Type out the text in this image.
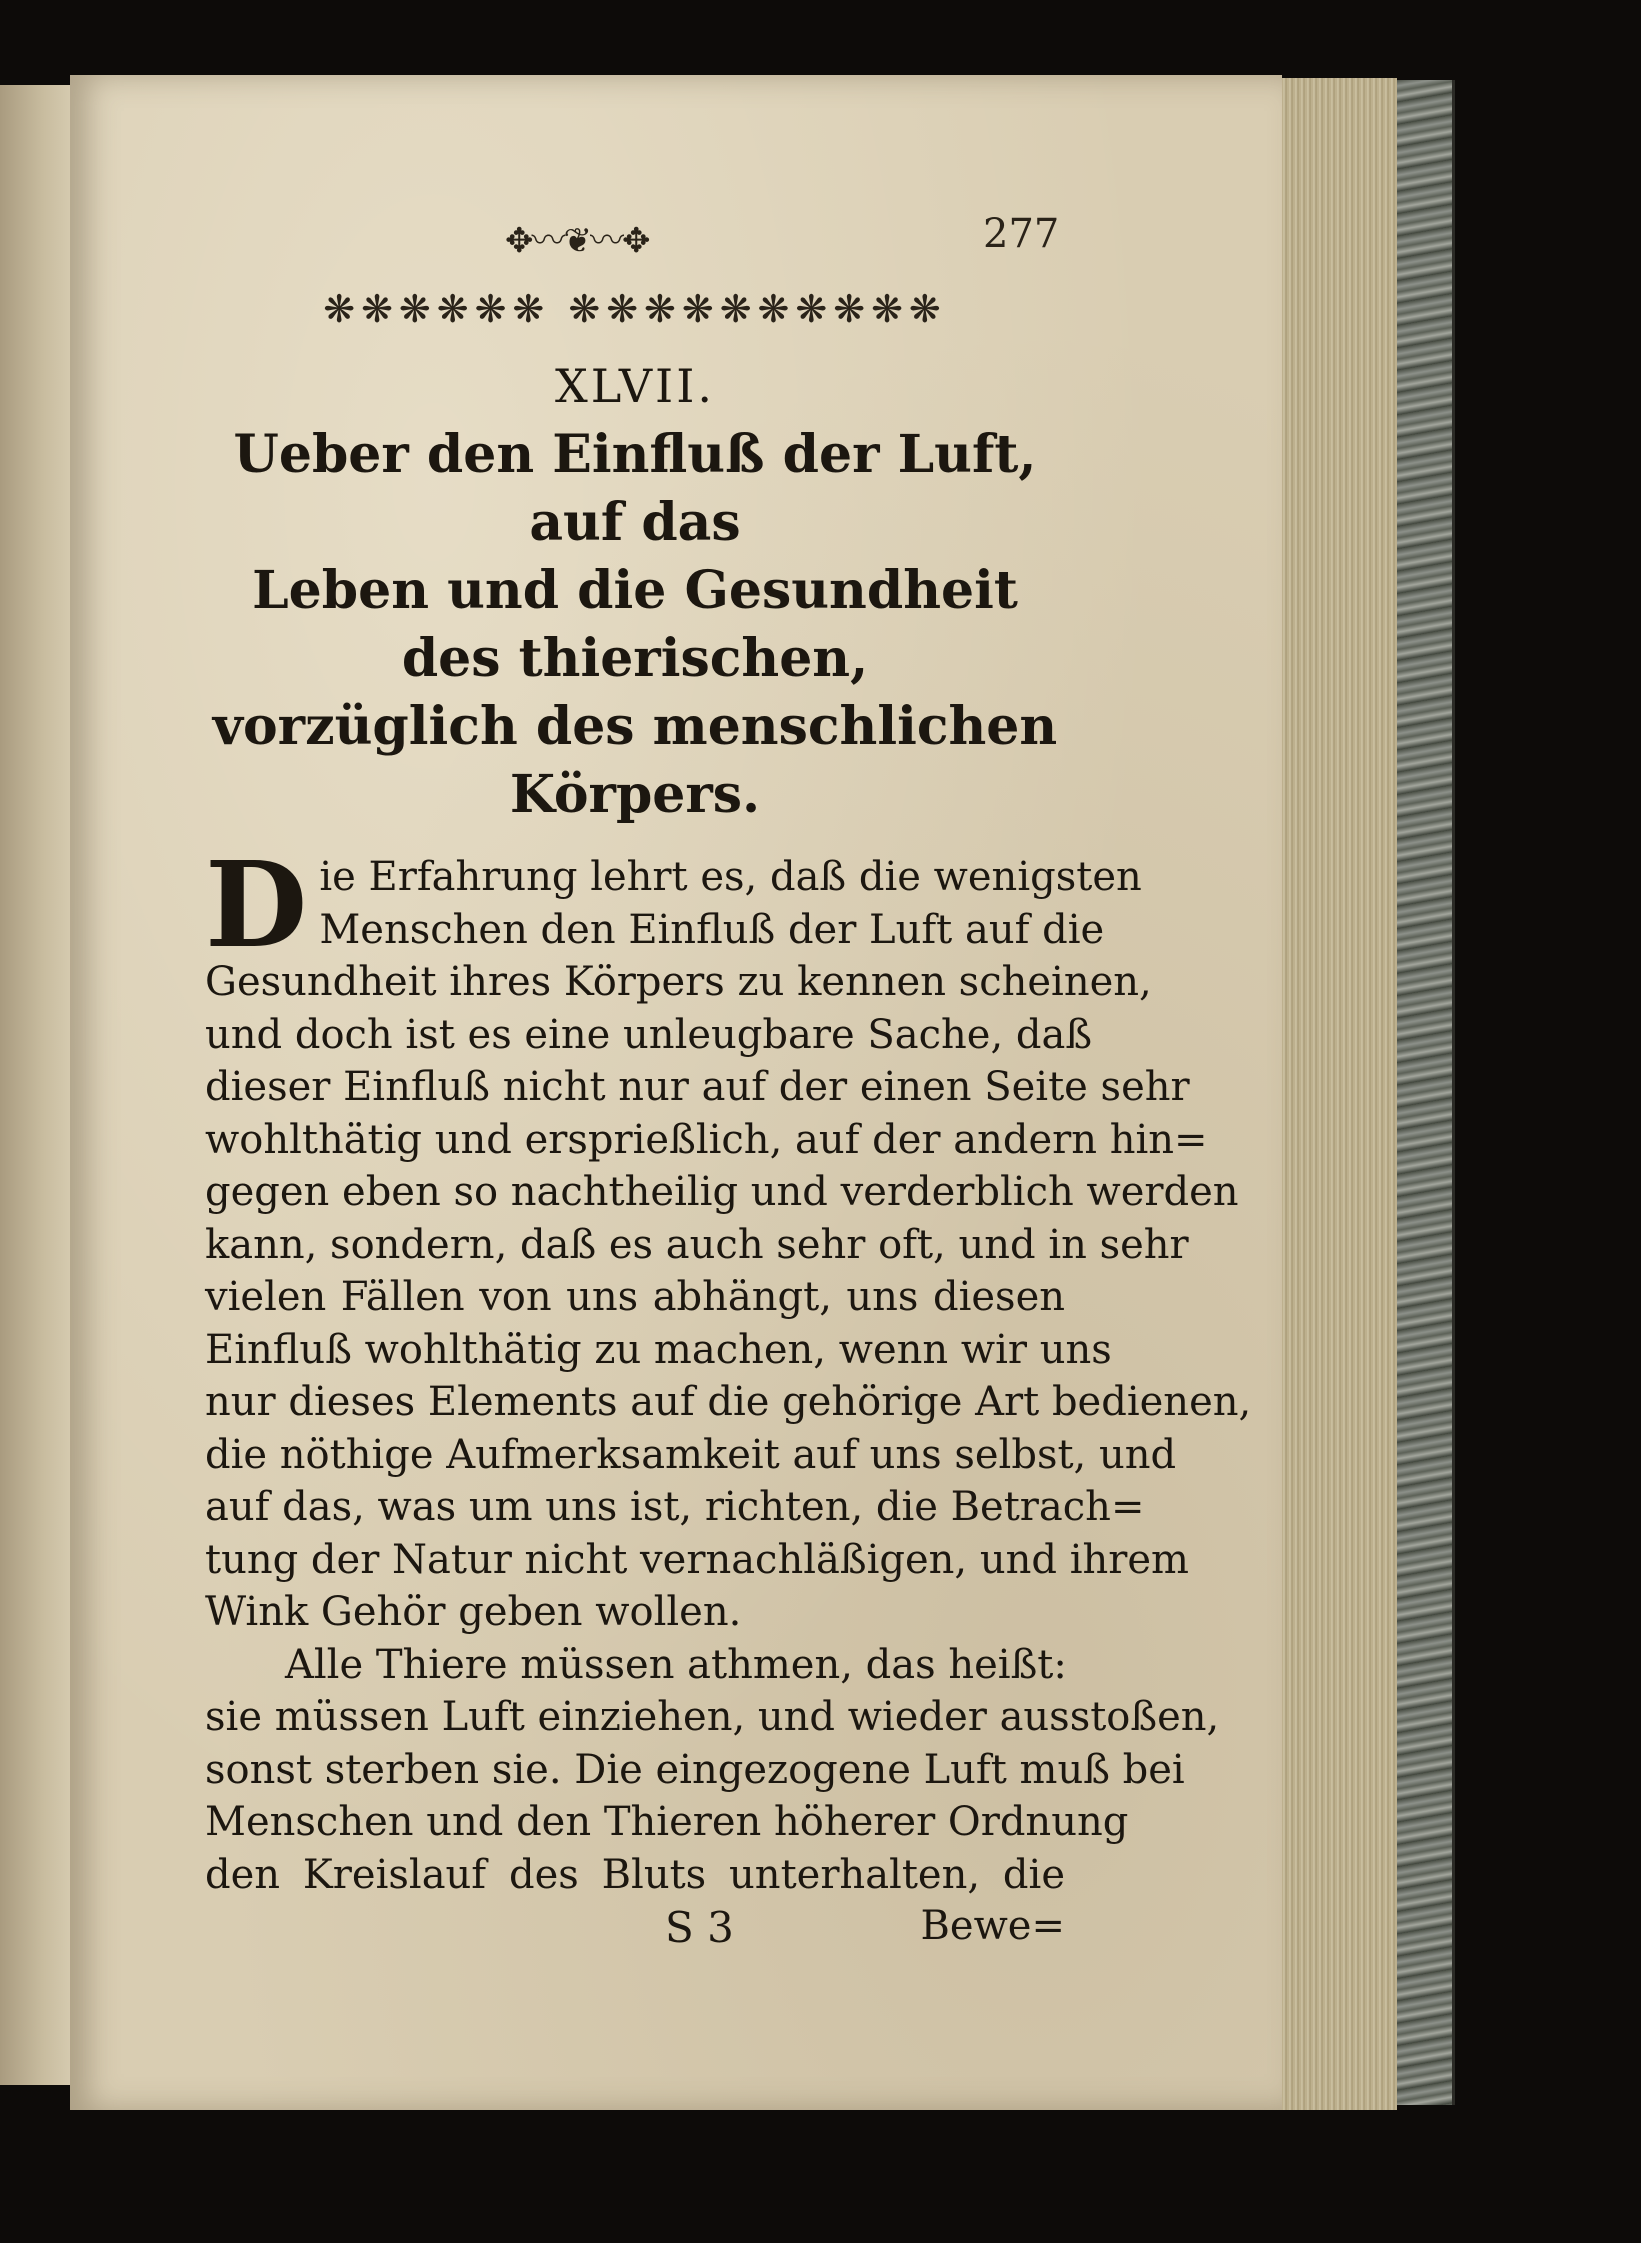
✥〰❦〰✥	277
❋❋❋❋❋❋ ❋❋❋❋❋❋❋❋❋❋
XLVII.
Ueber den Einfluß der Luft, auf das
Leben und die Gesundheit des thierischen,
vorzüglich des menschlichen
Körpers.
D ie Erfahrung lehrt es, daß die wenigsten
Menschen den Einfluß der Luft auf die
Gesundheit ihres Körpers zu kennen scheinen,
und doch ist es eine unleugbare Sache, daß
dieser Einfluß nicht nur auf der einen Seite sehr
wohlthätig und ersprießlich, auf der andern hin=
gegen eben so nachtheilig und verderblich werden
kann, sondern, daß es auch sehr oft, und in sehr
vielen Fällen von uns abhängt, uns diesen
Einfluß wohlthätig zu machen, wenn wir uns
nur dieses Elements auf die gehörige Art bedienen,
die nöthige Aufmerksamkeit auf uns selbst, und
auf das, was um uns ist, richten, die Betrach=
tung der Natur nicht vernachläßigen, und ihrem
Wink Gehör geben wollen.
Alle Thiere müssen athmen, das heißt:
sie müssen Luft einziehen, und wieder ausstoßen,
sonst sterben sie. Die eingezogene Luft muß bei
Menschen und den Thieren höherer Ordnung
den Kreislauf des Bluts unterhalten, die
S 3	Bewe=
